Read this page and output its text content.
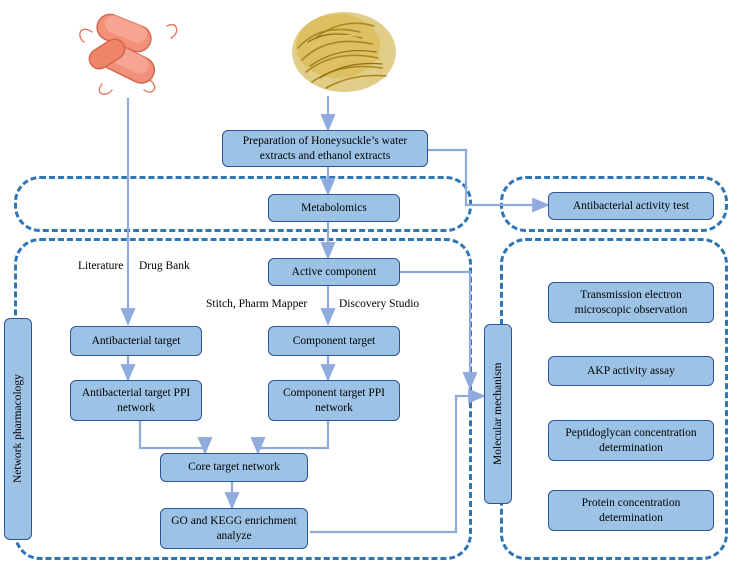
Preparation of Honeysuckle’s water extracts and ethanol extracts
Metabolomics	Antibacterial activity test
Active component
Antibacterial target	Component target
Antibacterial target PPI network
Component target PPI network
Core target network
GO and KEGG enrichment analyze
Network pharmacology	Molecular mechanism
Transmission electron microscopic observation
AKP activity assay
Peptidoglycan concentration determination
Protein concentration determination
Literature Drug Bank
Stitch, Pharm Mapper	Discovery Studio
